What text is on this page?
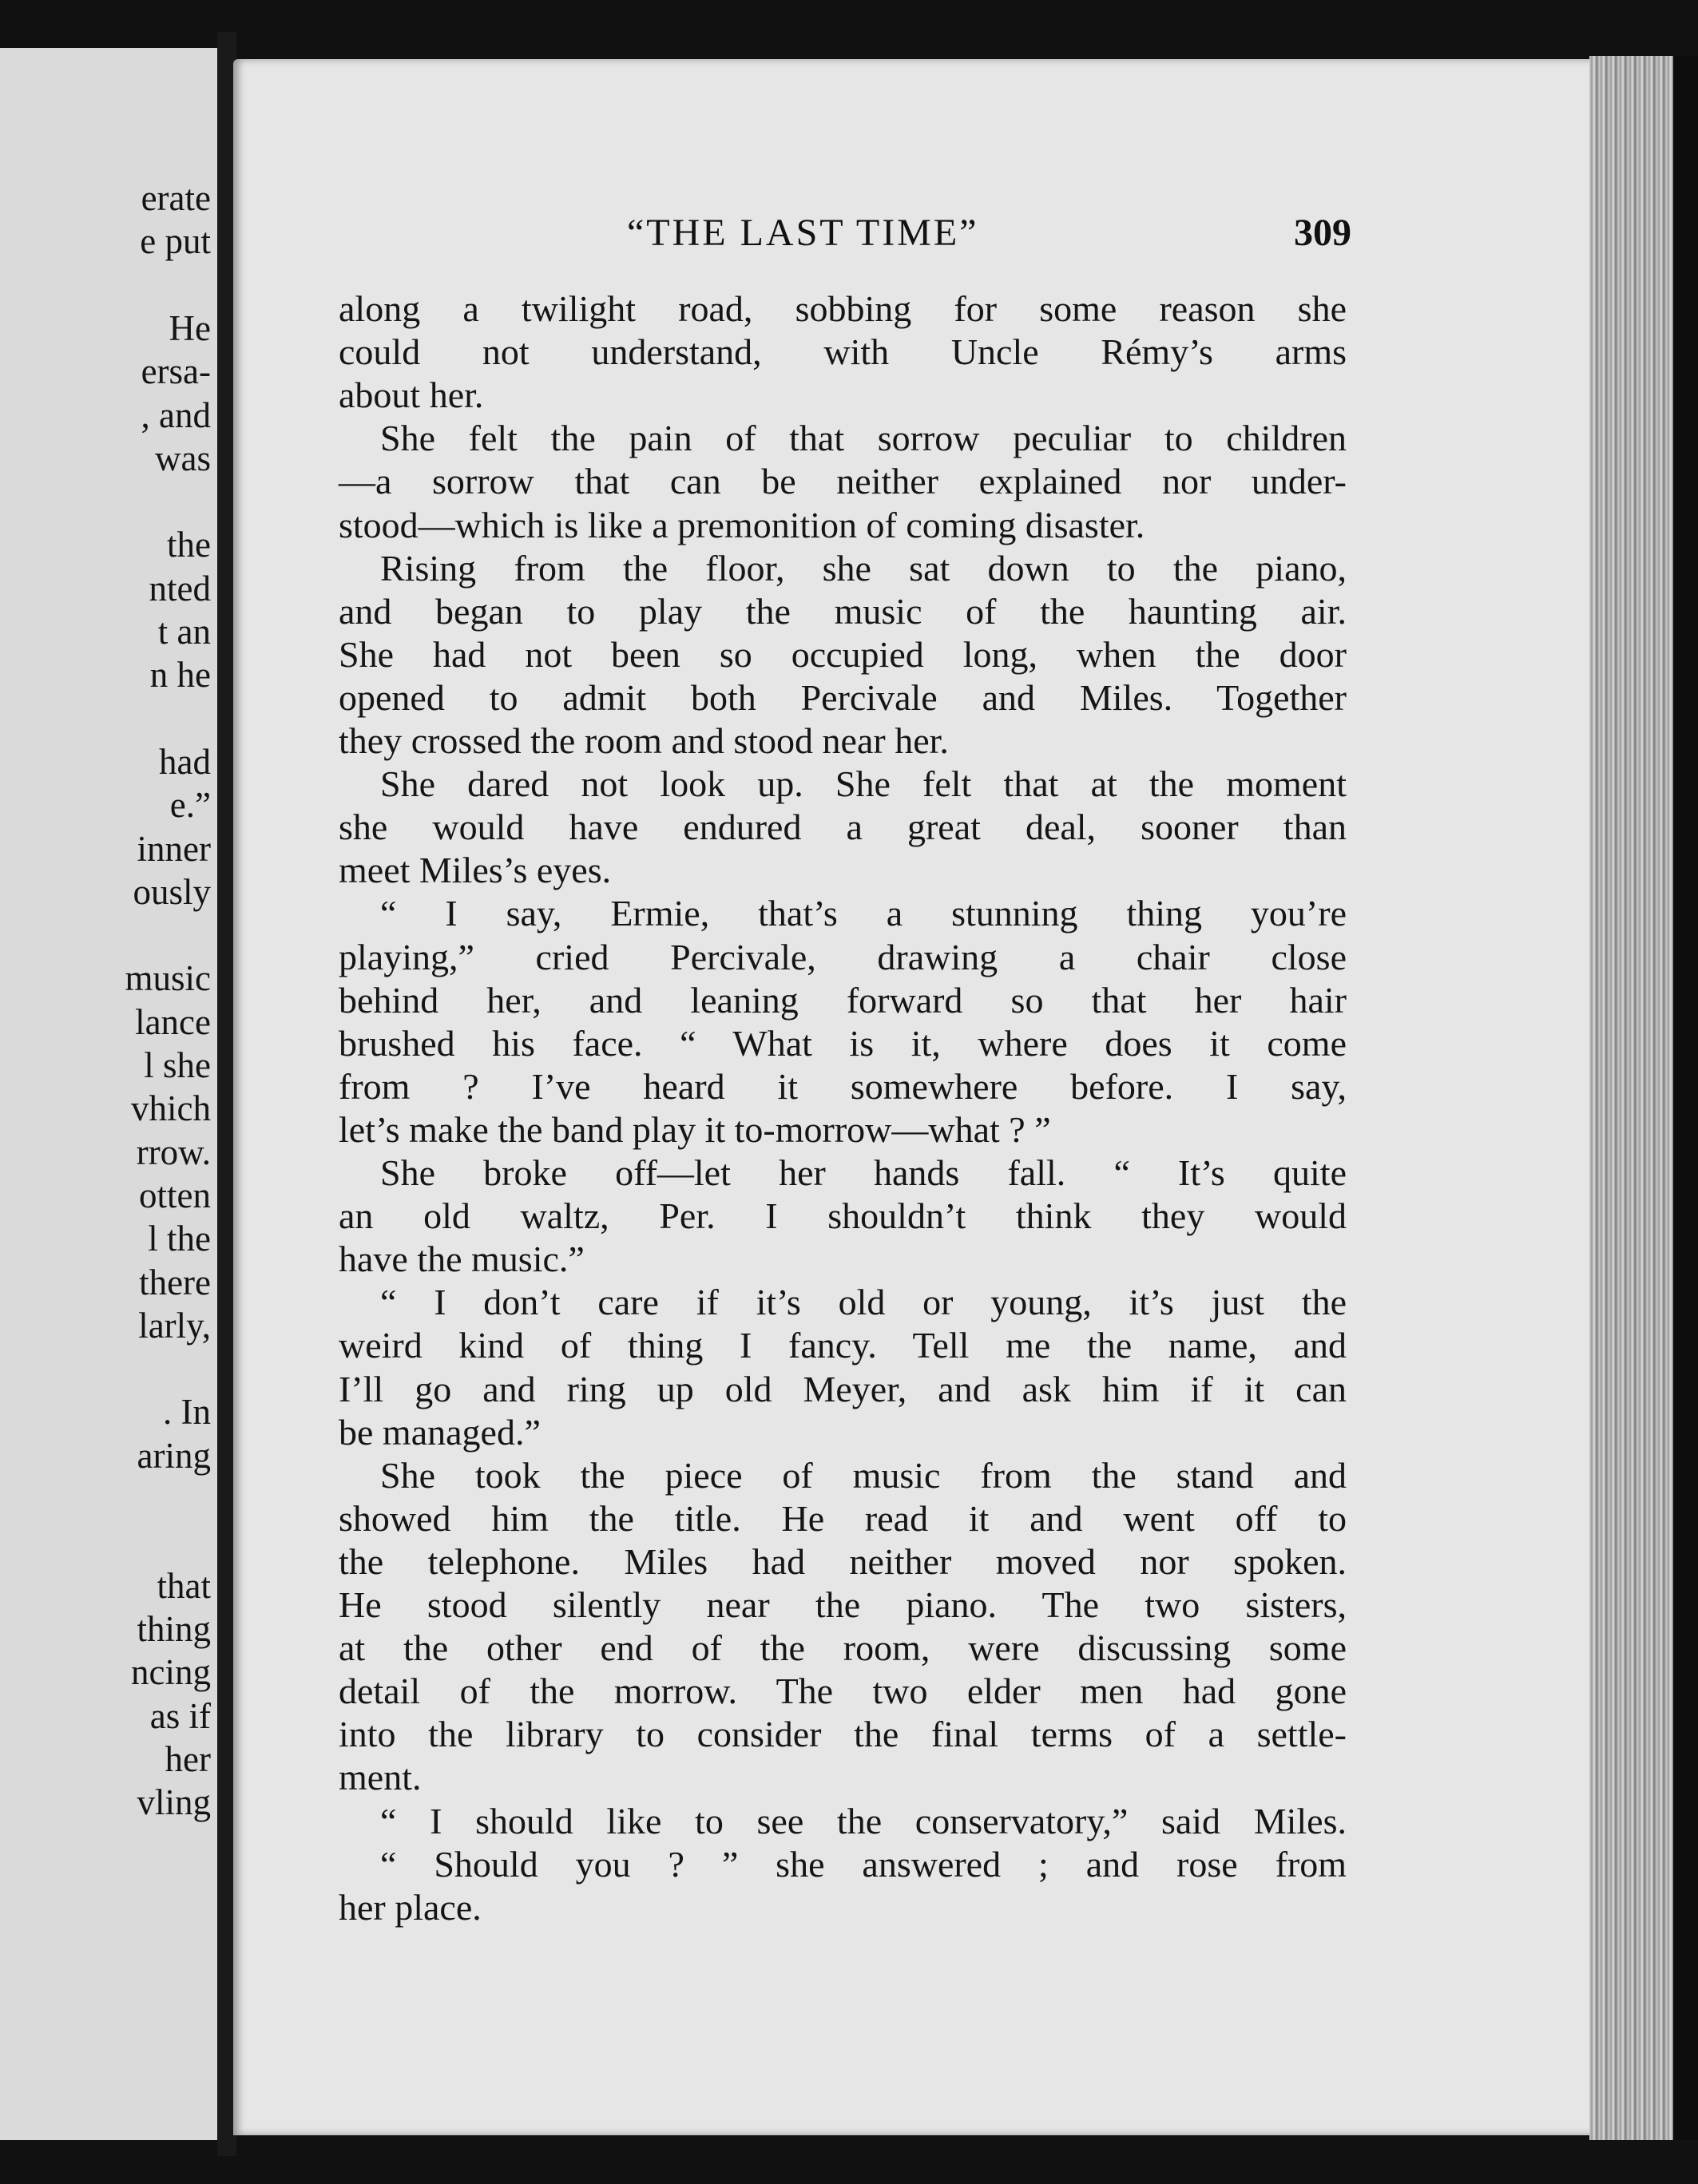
erate
e put
He
ersa-
, and
was
the
nted
t an
n he
had
e.”
inner
ously
music
lance
l she
vhich
rrow.
otten
l the
there
larly,
. In
aring
that
thing
ncing
as if
her
vling
“THE LAST TIME”	309
along a twilight road, sobbing for some reason she
could not understand, with Uncle Rémy’s arms
about her.
She felt the pain of that sorrow peculiar to children
—a sorrow that can be neither explained nor under-
stood—which is like a premonition of coming disaster.
Rising from the floor, she sat down to the piano,
and began to play the music of the haunting air.
She had not been so occupied long, when the door
opened to admit both Percivale and Miles. Together
they crossed the room and stood near her.
She dared not look up. She felt that at the moment
she would have endured a great deal, sooner than
meet Miles’s eyes.
“ I say, Ermie, that’s a stunning thing you’re
playing,” cried Percivale, drawing a chair close
behind her, and leaning forward so that her hair
brushed his face. “ What is it, where does it come
from ? I’ve heard it somewhere before. I say,
let’s make the band play it to-morrow—what ? ”
She broke off—let her hands fall. “ It’s quite
an old waltz, Per. I shouldn’t think they would
have the music.”
“ I don’t care if it’s old or young, it’s just the
weird kind of thing I fancy. Tell me the name, and
I’ll go and ring up old Meyer, and ask him if it can
be managed.”
She took the piece of music from the stand and
showed him the title. He read it and went off to
the telephone. Miles had neither moved nor spoken.
He stood silently near the piano. The two sisters,
at the other end of the room, were discussing some
detail of the morrow. The two elder men had gone
into the library to consider the final terms of a settle-
ment.
“ I should like to see the conservatory,” said Miles.
“ Should you ? ” she answered ; and rose from
her place.
